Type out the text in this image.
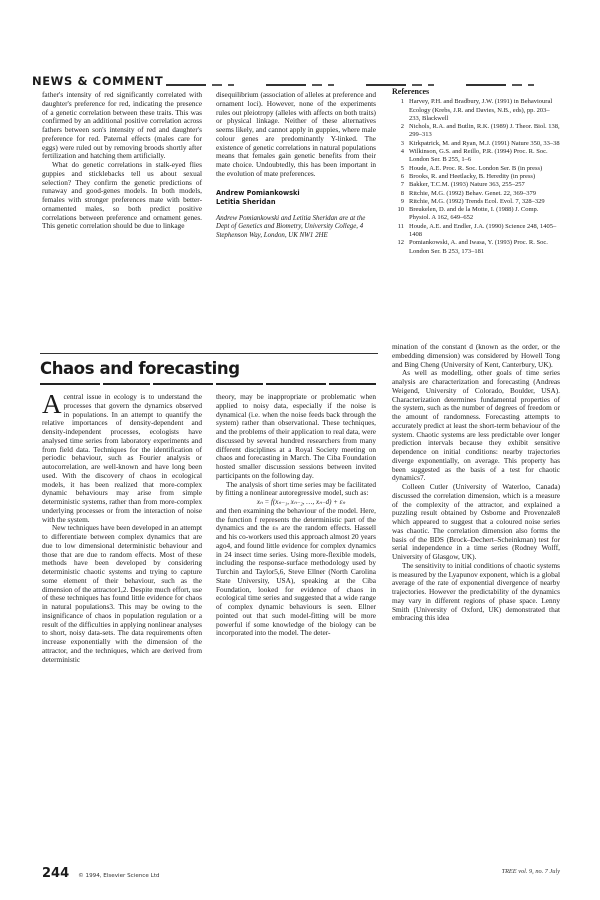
NEWS & COMMENT

father's intensity of red significantly correlated with daughter's preference for red, indicating the presence of a genetic correlation between these traits. This was confirmed by an additional positive correlation across fathers between son's intensity of red and daughter's preference for red. Paternal effects (males care for eggs) were ruled out by removing broods shortly after fertilization and hatching them artificially.

What do genetic correlations in stalk-eyed flies guppies and sticklebacks tell us about sexual selection? They confirm the genetic predictions of runaway and good-genes models. In both models, females with stronger preferences mate with better-ornamented males, so both predict positive correlations between preference and ornament genes. This genetic correlation should be due to linkage

disequilibrium (association of alleles at preference and ornament loci). However, none of the experiments rules out pleiotropy (alleles with affects on both traits) or physical linkage. Neither of these alternatives seems likely, and cannot apply in guppies, where male colour genes are predominantly Y-linked. The existence of genetic correlations in natural populations means that females gain genetic benefits from their mate choice. Undoubtedly, this has been important in the evolution of mate preferences.

Andrew Pomiankowski
Letitia Sheridan
Andrew Pomiankowski and Letitia Sheridan are at the Dept of Genetics and Biometry, University College, 4 Stephenson Way, London, UK NW1 2HE
References
1 Harvey, P.H. and Bradbury, J.W. (1991) in Behavioural Ecology (Krebs, J.R. and Davies, N.B., eds), pp. 203–233, Blackwell
2 Nichols, R.A. and Butlin, R.K. (1989) J. Theor. Biol. 138, 299–313
3 Kirkpatrick, M. and Ryan, M.J. (1991) Nature 350, 33–38
4 Wilkinson, G.S. and Reillo, P.R. (1994) Proc. R. Soc. London Ser. B 255, 1–6
5 Houde, A.E. Proc. R. Soc. London Ser. B (in press)
6 Brooks, R. and Heetlacky, B. Heredity (in press)
7 Bakker, T.C.M. (1993) Nature 363, 255–257
8 Ritchie, M.G. (1992) Behav. Genet. 22, 369–379
9 Ritchie, M.G. (1992) Trends Ecol. Evol. 7, 328–329
10 Breukelen, D. and de la Motte, I. (1988) J. Comp. Physiol. A 162, 649–652
11 Houde, A.E. and Endler, J.A. (1990) Science 248, 1405–1408
12 Pomiankowski, A. and Iwasa, Y. (1993) Proc. R. Soc. London Ser. B 253, 173–181
Chaos and forecasting

A central issue in ecology is to understand the processes that govern the dynamics observed in populations. In an attempt to quantify the relative importances of density-dependent and density-independent processes, ecologists have analysed time series from laboratory experiments and from field data. Techniques for the identification of periodic behaviour, such as Fourier analysis or autocorrelation, are well-known and have long been used. With the discovery of chaos in ecological models, it has been realized that more-complex dynamic behaviours may arise from simple deterministic systems, rather than from more-complex underlying processes or from the interaction of noise with the system.

New techniques have been developed in an attempt to differentiate between complex dynamics that are due to low dimensional deterministic behaviour and those that are due to random effects. Most of these methods have been developed by considering deterministic chaotic systems and trying to capture some element of their behaviour, such as the dimension of the attractor1,2. Despite much effort, use of these techniques has found little evidence for chaos in natural populations3. This may be owing to the insignificance of chaos in population regulation or a result of the difficulties in applying nonlinear analyses to short, noisy data-sets. The data requirements often increase exponentially with the dimension of the attractor, and the techniques, which are derived from deterministic

theory, may be inappropriate or problematic when applied to noisy data, especially if the noise is dynamical (i.e. when the noise feeds back through the system) rather than observational. These techniques, and the problems of their application to real data, were discussed by several hundred researchers from many different disciplines at a Royal Society meeting on chaos and forecasting in March. The Ciba Foundation hosted smaller discussion sessions between invited participants on the following day.

The analysis of short time series may be facilitated by fitting a nonlinear autoregressive model, such as:

xₙ = f(xₙ₋₁, xₙ₋₂, …, xₙ₋d) + εₙ

and then examining the behaviour of the model. Here, the function f represents the deterministic part of the dynamics and the εₙ are the random effects. Hassell and his co-workers used this approach almost 20 years ago4, and found little evidence for complex dynamics in 24 insect time series. Using more-flexible models, including the response-surface methodology used by Turchin and Taylor5,6, Steve Ellner (North Carolina State University, USA), speaking at the Ciba Foundation, looked for evidence of chaos in ecological time series and suggested that a wide range of complex dynamic behaviours is seen. Ellner pointed out that such model-fitting will be more powerful if some knowledge of the biology can be incorporated into the model. The deter-

mination of the constant d (known as the order, or the embedding dimension) was considered by Howell Tong and Bing Cheng (University of Kent, Canterbury, UK).

As well as modelling, other goals of time series analysis are characterization and forecasting (Andreas Weigend, University of Colorado, Boulder, USA). Characterization determines fundamental properties of the system, such as the number of degrees of freedom or the amount of randomness. Forecasting attempts to accurately predict at least the short-term behaviour of the system. Chaotic systems are less predictable over longer prediction intervals because they exhibit sensitive dependence on initial conditions: nearby trajectories diverge exponentially, on average. This property has been suggested as the basis of a test for chaotic dynamics7.

Colleen Cutler (University of Waterloo, Canada) discussed the correlation dimension, which is a measure of the complexity of the attractor, and explained a puzzling result obtained by Osborne and Provenzale8 which appeared to suggest that a coloured noise series was chaotic. The correlation dimension also forms the basis of the BDS (Brock–Dechert–Scheinkman) test for serial independence in a time series (Rodney Wolff, University of Glasgow, UK).

The sensitivity to initial conditions of chaotic systems is measured by the Lyapunov exponent, which is a global average of the rate of exponential divergence of nearby trajectories. However the predictability of the dynamics may vary in different regions of phase space. Lenny Smith (University of Oxford, UK) demonstrated that embracing this idea

244 © 1994, Elsevier Science Ltd
TREE vol. 9, no. 7 July
